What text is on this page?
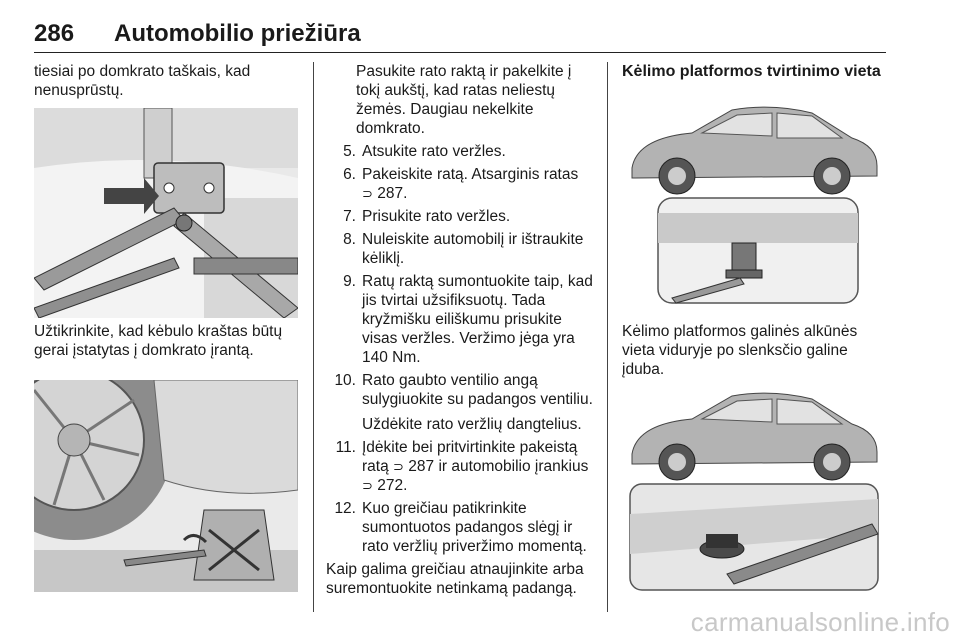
286 Automobilio priežiūra

tiesiai po domkrato taškais, kad nenusprūstų.

Užtikrinkite, kad kėbulo kraštas būtų gerai įstatytas į domkrato įrantą.

Pasukite rato raktą ir pakelkite į tokį aukštį, kad ratas neliestų žemės. Daugiau nekelkite domkrato.

5. Atsukite rato veržles.
6. Pakeiskite ratą. Atsarginis ratas
⊃ 287.
7. Prisukite rato veržles.
8. Nuleiskite automobilį ir ištraukite kėliklį.
9. Ratų raktą sumontuokite taip, kad jis tvirtai užsifiksuotų. Tada kryžmišku eiliškumu prisukite visas veržles. Veržimo jėga yra 140 Nm.
10. Rato gaubto ventilio angą sulygiuokite su padangos ventiliu.

Uždėkite rato veržlių dangtelius.

11. Įdėkite bei pritvirtinkite pakeistą ratą ⊃ 287 ir automobilio įrankius
⊃ 272.
12. Kuo greičiau patikrinkite sumontuotos padangos slėgį ir rato veržlių priveržimo momentą.

Kaip galima greičiau atnaujinkite arba suremontuokite netinkamą padangą.

Kėlimo platformos tvirtinimo vieta

Kėlimo platformos galinės alkūnės vieta viduryje po slenksčio galine įduba.

carmanualsonline.info
